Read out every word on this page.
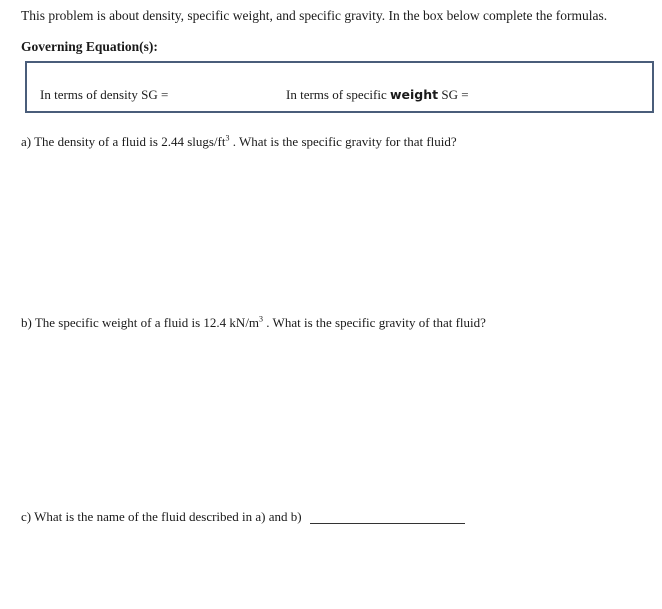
This problem is about density, specific weight, and specific gravity. In the box below complete the formulas.
Governing Equation(s):
In terms of density SG =	In terms of specific weight SG =
a) The density of a fluid is 2.44 slugs/$ft^3$ . What is the specific gravity for that fluid?
b) The specific weight of a fluid is 12.4 $kN/m^3$ . What is the specific gravity of that fluid?
c) What is the name of the fluid described in a) and b)
